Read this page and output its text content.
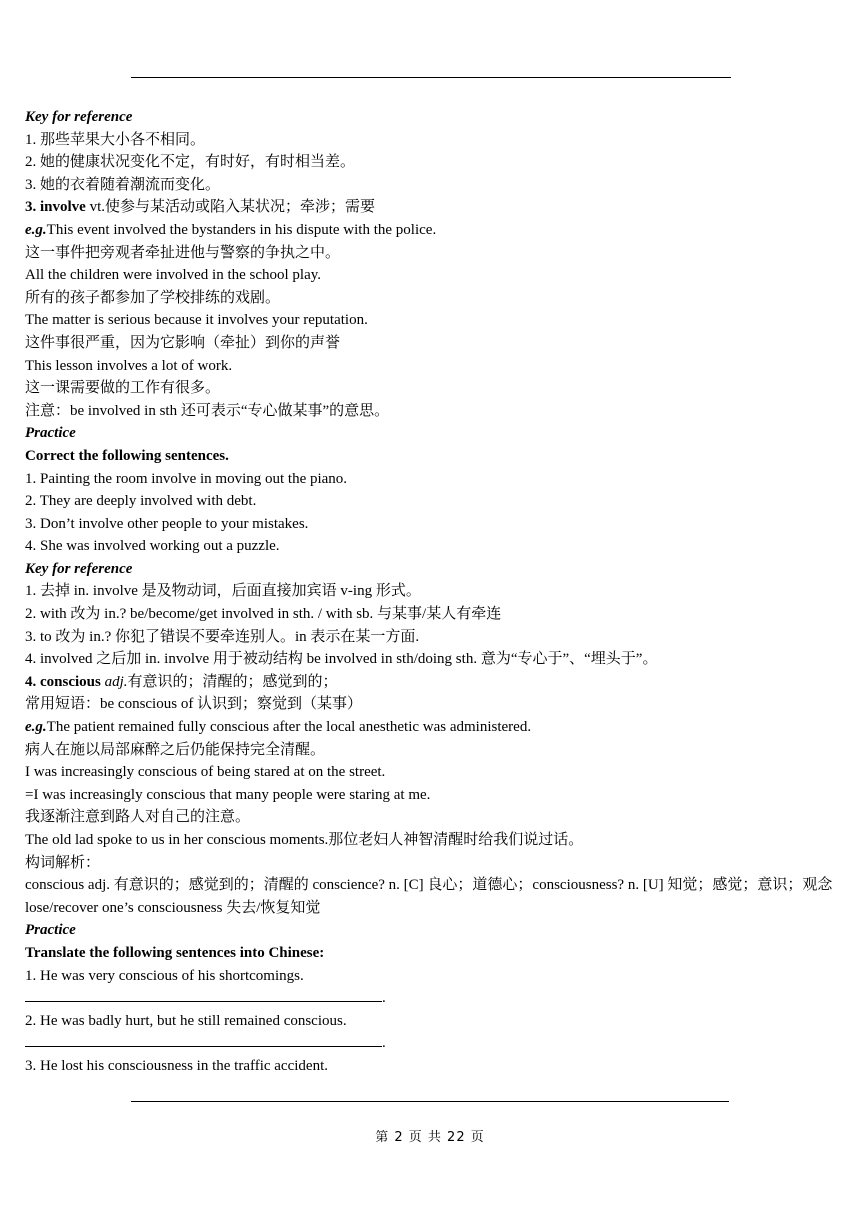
Key for reference
1. 那些苹果大小各不相同。
2. 她的健康状况变化不定，有时好，有时相当差。
3. 她的衣着随着潮流而变化。
3. involve vt.使参与某活动或陷入某状况；牵涉；需要
e.g.This event involved the bystanders in his dispute with the police.
这一事件把旁观者牵扯进他与警察的争执之中。
All the children were involved in the school play.
所有的孩子都参加了学校排练的戏剧。
The matter is serious because it involves your reputation.
这件事很严重，因为它影响（牵扯）到你的声誉
This lesson involves a lot of work.
这一课需要做的工作有很多。
注意：be involved in sth 还可表示“专心做某事”的意思。
Practice
Correct the following sentences.
1. Painting the room involve in moving out the piano.
2. They are deeply involved with debt.
3. Don’t involve other people to your mistakes.
4. She was involved working out a puzzle.
Key for reference
1. 去掉 in. involve 是及物动词，后面直接加宾语 v-ing 形式。
2. with 改为 in.? be/become/get involved in sth. / with sb. 与某事/某人有牵连
3. to 改为 in.? 你犯了错误不要牵连别人。in 表示在某一方面.
4. involved 之后加 in. involve 用于被动结构 be involved in sth/doing sth. 意为“专心于”、“埋头于”。
4. conscious adj.有意识的；清醒的；感觉到的；
常用短语：be conscious of 认识到；察觉到（某事）
e.g.The patient remained fully conscious after the local anesthetic was administered.
病人在施以局部麻醉之后仍能保持完全清醒。
I was increasingly conscious of being stared at on the street.
=I was increasingly conscious that many people were staring at me.
我逐渐注意到路人对自己的注意。
The old lad spoke to us in her conscious moments.那位老妇人神智清醒时给我们说过话。
构词解析：
conscious adj. 有意识的；感觉到的；清醒的 conscience? n. [C] 良心；道德心；consciousness? n. [U] 知觉；感觉；意识；观念 lose/recover one’s consciousness 失去/恢复知觉
Practice
Translate the following sentences into Chinese:
1. He was very conscious of his shortcomings.
.
2. He was badly hurt, but he still remained conscious.
.
3. He lost his consciousness in the traffic accident.
第 2 页 共 22 页
